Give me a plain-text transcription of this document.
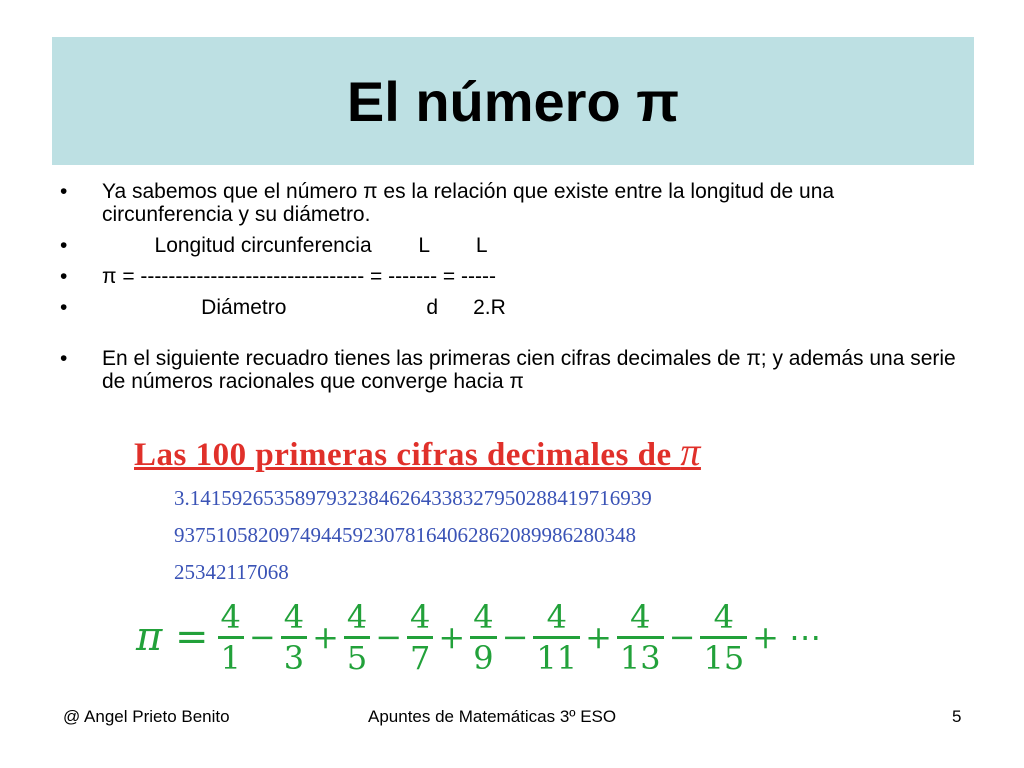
El número π
• Ya sabemos que el número π es la relación que existe entre la longitud de una circunferencia y su diámetro.
• Longitud circunferencia        L        L
• π = -------------------------------- = ------- = -----
• Diámetro                        d      2.R
• En el siguiente recuadro tienes las primeras cien cifras decimales de π; y además una serie de números racionales que converge hacia π
Las 100 primeras cifras decimales de π
3.14159265358979323846264338327950288419716939
93751058209749445923078164062862089986280348
25342117068
$\pi = \frac{4}{1} - \frac{4}{3} + \frac{4}{5} - \frac{4}{7} + \frac{4}{9} - \frac{4}{11} + \frac{4}{13} - \frac{4}{15}$ + ⋯
@ Angel Prieto Benito	Apuntes de Matemáticas 3º ESO	5
